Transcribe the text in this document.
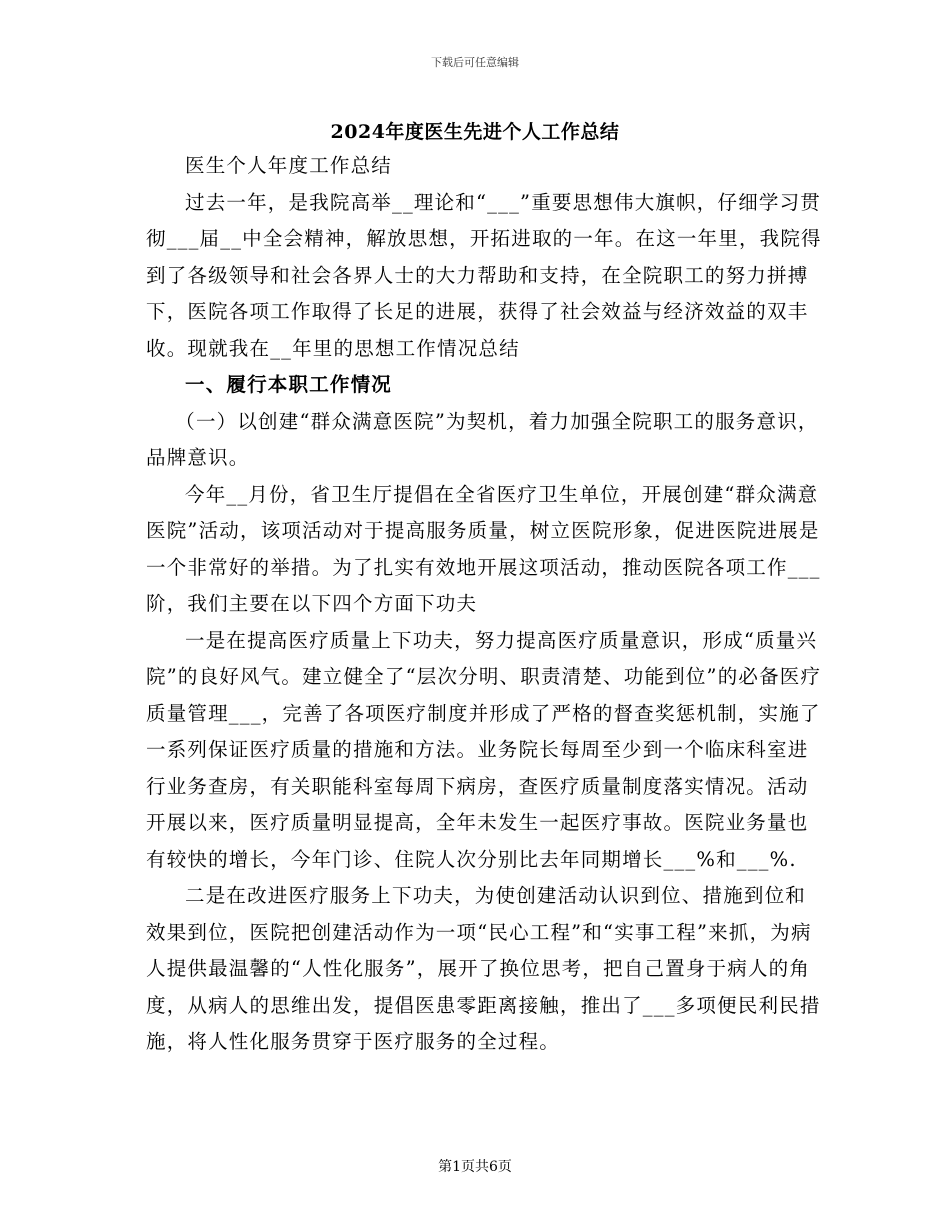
下载后可任意编辑
2024年度医生先进个人工作总结

医生个人年度工作总结

过去一年，是我院高举__理论和“___”重要思想伟大旗帜，仔细学习贯彻___届__中全会精神，解放思想，开拓进取的一年。在这一年里，我院得到了各级领导和社会各界人士的大力帮助和支持，在全院职工的努力拼搏下，医院各项工作取得了长足的进展，获得了社会效益与经济效益的双丰收。现就我在__年里的思想工作情况总结

一、履行本职工作情况

（一）以创建“群众满意医院”为契机，着力加强全院职工的服务意识，品牌意识。

今年__月份，省卫生厅提倡在全省医疗卫生单位，开展创建“群众满意医院”活动，该项活动对于提高服务质量，树立医院形象，促进医院进展是一个非常好的举措。为了扎实有效地开展这项活动，推动医院各项工作___阶，我们主要在以下四个方面下功夫

一是在提高医疗质量上下功夫，努力提高医疗质量意识，形成“质量兴院”的良好风气。建立健全了“层次分明、职责清楚、功能到位”的必备医疗质量管理___，完善了各项医疗制度并形成了严格的督查奖惩机制，实施了一系列保证医疗质量的措施和方法。业务院长每周至少到一个临床科室进行业务查房，有关职能科室每周下病房，查医疗质量制度落实情况。活动开展以来，医疗质量明显提高，全年未发生一起医疗事故。医院业务量也有较快的增长，今年门诊、住院人次分别比去年同期增长___%和___%.

二是在改进医疗服务上下功夫，为使创建活动认识到位、措施到位和效果到位，医院把创建活动作为一项“民心工程”和“实事工程”来抓，为病人提供最温馨的“人性化服务”，展开了换位思考，把自己置身于病人的角度，从病人的思维出发，提倡医患零距离接触，推出了___多项便民利民措施，将人性化服务贯穿于医疗服务的全过程。

第1页共6页
